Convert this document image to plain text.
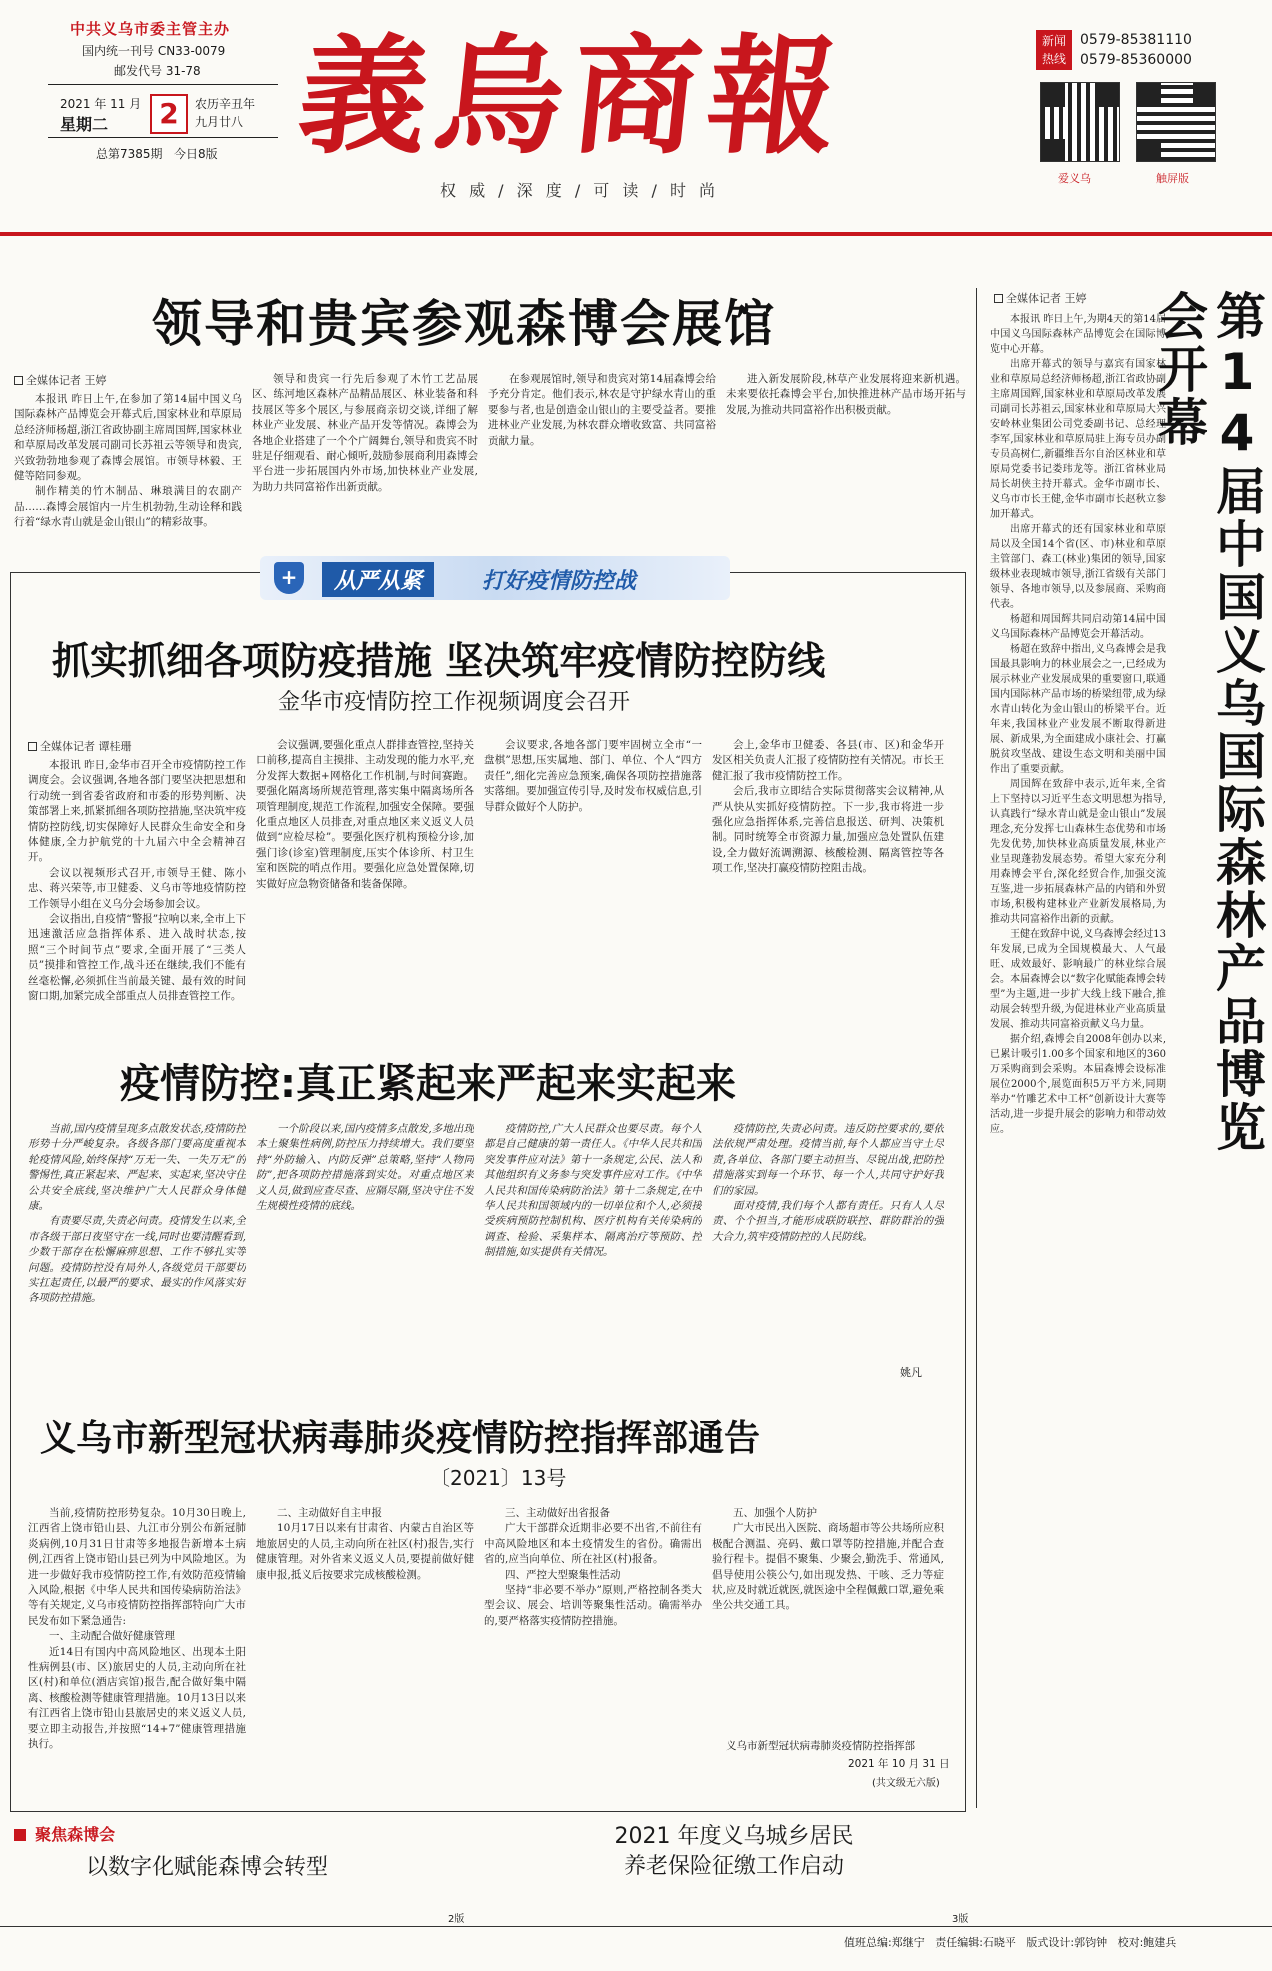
中共义乌市委主管主办
国内统一刊号 CN33-0079
邮发代号 31-78
2021 年 11 月
星期二	2	农历辛丑年
九月廿八
总第7385期   今日8版 義烏商報
权 威 / 深 度 / 可 读 / 时 尚
新闻
热线
0579-85381110
0579-85360000
爱义乌	触屏版
领导和贵宾参观森博会展馆
全媒体记者 王婷

本报讯 昨日上午,在参加了第14届中国义乌国际森林产品博览会开幕式后,国家林业和草原局总经济师杨超,浙江省政协副主席周国辉,国家林业和草原局改革发展司副司长苏祖云等领导和贵宾,兴致勃勃地参观了森博会展馆。市领导林毅、王健等陪同参观。

制作精美的竹木制品、琳琅满目的农副产品……森博会展馆内一片生机勃勃,生动诠释和践行着“绿水青山就是金山银山”的精彩故事。

领导和贵宾一行先后参观了木竹工艺品展区、练河地区森林产品精品展区、林业装备和科技展区等多个展区,与参展商亲切交谈,详细了解林业产业发展、林业产品开发等情况。森博会为各地企业搭建了一个个广阔舞台,领导和贵宾不时驻足仔细观看、耐心倾听,鼓励参展商利用森博会平台进一步拓展国内外市场,加快林业产业发展,为助力共同富裕作出新贡献。

在参观展馆时,领导和贵宾对第14届森博会给予充分肯定。他们表示,林农是守护绿水青山的重要参与者,也是创造金山银山的主要受益者。要推进林业产业发展,为林农群众增收致富、共同富裕贡献力量。

进入新发展阶段,林草产业发展将迎来新机遇。未来要依托森博会平台,加快推进林产品市场开拓与发展,为推动共同富裕作出积极贡献。

全媒体记者 王婷

本报讯 昨日上午,为期4天的第14届中国义乌国际森林产品博览会在国际博览中心开幕。

出席开幕式的领导与嘉宾有国家林业和草原局总经济师杨超,浙江省政协副主席周国辉,国家林业和草原局改革发展司副司长苏祖云,国家林业和草原局大兴安岭林业集团公司党委副书记、总经理李军,国家林业和草原局驻上海专员办副专员高树仁,新疆维吾尔自治区林业和草原局党委书记娄玮龙等。浙江省林业局局长胡侠主持开幕式。金华市副市长、义乌市市长王健,金华市副市长赵秋立参加开幕式。

出席开幕式的还有国家林业和草原局以及全国14个省(区、市)林业和草原主管部门、森工(林业)集团的领导,国家级林业表现城市领导,浙江省级有关部门领导、各地市领导,以及参展商、采购商代表。

杨超和周国辉共同启动第14届中国义乌国际森林产品博览会开幕活动。

杨超在致辞中指出,义乌森博会是我国最具影响力的林业展会之一,已经成为展示林业产业发展成果的重要窗口,联通国内国际林产品市场的桥梁纽带,成为绿水青山转化为金山银山的桥梁平台。近年来,我国林业产业发展不断取得新进展、新成果,为全面建成小康社会、打赢脱贫攻坚战、建设生态文明和美丽中国作出了重要贡献。

周国辉在致辞中表示,近年来,全省上下坚持以习近平生态文明思想为指导,认真践行“绿水青山就是金山银山”发展理念,充分发挥七山森林生态优势和市场先发优势,加快林业高质量发展,林业产业呈现蓬勃发展态势。希望大家充分利用森博会平台,深化经贸合作,加强交流互鉴,进一步拓展森林产品的内销和外贸市场,积极构建林业产业新发展格局,为推动共同富裕作出新的贡献。

王健在致辞中说,义乌森博会经过13年发展,已成为全国规模最大、人气最旺、成效最好、影响最广的林业综合展会。本届森博会以“数字化赋能森博会转型”为主题,进一步扩大线上线下融合,推动展会转型升级,为促进林业产业高质量发展、推动共同富裕贡献义乌力量。

据介绍,森博会自2008年创办以来,已累计吸引1.00多个国家和地区的360万采购商到会采购。本届森博会设标准展位2000个,展览面积5万平方米,同期举办“竹雕艺术中工杯”创新设计大赛等活动,进一步提升展会的影响力和带动效应。	第14届中国义乌国际森林产品博览会开幕
+	从严从紧	打好疫情防控战
抓实抓细各项防疫措施 坚决筑牢疫情防控防线
金华市疫情防控工作视频调度会召开
全媒体记者 谭桂珊

本报讯 昨日,金华市召开全市疫情防控工作调度会。会议强调,各地各部门要坚决把思想和行动统一到省委省政府和市委的形势判断、决策部署上来,抓紧抓细各项防控措施,坚决筑牢疫情防控防线,切实保障好人民群众生命安全和身体健康,全力护航党的十九届六中全会精神召开。

会议以视频形式召开,市领导王健、陈小忠、蒋兴荣等,市卫健委、义乌市等地疫情防控工作领导小组在义乌分会场参加会议。

会议指出,自疫情“警报”拉响以来,全市上下迅速激活应急指挥体系、进入战时状态,按照“三个时间节点”要求,全面开展了“三类人员”摸排和管控工作,战斗还在继续,我们不能有丝毫松懈,必须抓住当前最关键、最有效的时间窗口期,加紧完成全部重点人员排查管控工作。

会议强调,要强化重点人群排查管控,坚持关口前移,提高自主摸排、主动发现的能力水平,充分发挥大数据+网格化工作机制,与时间赛跑。要强化隔离场所规范管理,落实集中隔离场所各项管理制度,规范工作流程,加强安全保障。要强化重点地区人员排查,对重点地区来义返义人员做到“应检尽检”。要强化医疗机构预检分诊,加强门诊(诊室)管理制度,压实个体诊所、村卫生室和医院的哨点作用。要强化应急处置保障,切实做好应急物资储备和装备保障。

会议要求,各地各部门要牢固树立全市“一盘棋”思想,压实属地、部门、单位、个人“四方责任”,细化完善应急预案,确保各项防控措施落实落细。要加强宣传引导,及时发布权威信息,引导群众做好个人防护。

会上,金华市卫健委、各县(市、区)和金华开发区相关负责人汇报了疫情防控有关情况。市长王健汇报了我市疫情防控工作。

会后,我市立即结合实际贯彻落实会议精神,从严从快从实抓好疫情防控。下一步,我市将进一步强化应急指挥体系,完善信息报送、研判、决策机制。同时统筹全市资源力量,加强应急处置队伍建设,全力做好流调溯源、核酸检测、隔离管控等各项工作,坚决打赢疫情防控阻击战。

疫情防控:真正紧起来严起来实起来

当前,国内疫情呈现多点散发状态,疫情防控形势十分严峻复杂。各级各部门要高度重视本轮疫情风险,始终保持“万无一失、一失万无”的警惕性,真正紧起来、严起来、实起来,坚决守住公共安全底线,坚决维护广大人民群众身体健康。

有责要尽责,失责必问责。疫情发生以来,全市各级干部日夜坚守在一线,同时也要清醒看到,少数干部存在松懈麻痹思想、工作不够扎实等问题。疫情防控没有局外人,各级党员干部要切实扛起责任,以最严的要求、最实的作风落实好各项防控措施。

一个阶段以来,国内疫情多点散发,多地出现本土聚集性病例,防控压力持续增大。我们要坚持“外防输入、内防反弹”总策略,坚持“人物同防”,把各项防控措施落到实处。对重点地区来义人员,做到应查尽查、应隔尽隔,坚决守住不发生规模性疫情的底线。

疫情防控,广大人民群众也要尽责。每个人都是自己健康的第一责任人。《中华人民共和国突发事件应对法》第十一条规定,公民、法人和其他组织有义务参与突发事件应对工作。《中华人民共和国传染病防治法》第十二条规定,在中华人民共和国领域内的一切单位和个人,必须接受疾病预防控制机构、医疗机构有关传染病的调查、检验、采集样本、隔离治疗等预防、控制措施,如实提供有关情况。

疫情防控,失责必问责。违反防控要求的,要依法依规严肃处理。疫情当前,每个人都应当守土尽责,各单位、各部门要主动担当、尽锐出战,把防控措施落实到每一个环节、每一个人,共同守护好我们的家园。

面对疫情,我们每个人都有责任。只有人人尽责、个个担当,才能形成联防联控、群防群治的强大合力,筑牢疫情防控的人民防线。

姚凡
义乌市新型冠状病毒肺炎疫情防控指挥部通告
〔2021〕13号

当前,疫情防控形势复杂。10月30日晚上,江西省上饶市铅山县、九江市分别公布新冠肺炎病例,10月31日甘肃等多地报告新增本土病例,江西省上饶市铅山县已列为中风险地区。为进一步做好我市疫情防控工作,有效防范疫情输入风险,根据《中华人民共和国传染病防治法》等有关规定,义乌市疫情防控指挥部特向广大市民发布如下紧急通告:

一、主动配合做好健康管理

近14日有国内中高风险地区、出现本土阳性病例县(市、区)旅居史的人员,主动向所在社区(村)和单位(酒店宾馆)报告,配合做好集中隔离、核酸检测等健康管理措施。10月13日以来有江西省上饶市铅山县旅居史的来义返义人员,要立即主动报告,并按照“14+7”健康管理措施执行。

二、主动做好自主申报

10月17日以来有甘肃省、内蒙古自治区等地旅居史的人员,主动向所在社区(村)报告,实行健康管理。对外省来义返义人员,要提前做好健康申报,抵义后按要求完成核酸检测。

三、主动做好出省报备

广大干部群众近期非必要不出省,不前往有中高风险地区和本土疫情发生的省份。确需出省的,应当向单位、所在社区(村)报备。

四、严控大型聚集性活动

坚持“非必要不举办”原则,严格控制各类大型会议、展会、培训等聚集性活动。确需举办的,要严格落实疫情防控措施。

五、加强个人防护

广大市民出入医院、商场超市等公共场所应积极配合测温、亮码、戴口罩等防控措施,并配合查验行程卡。提倡不聚集、少聚会,勤洗手、常通风,倡导使用公筷公勺,如出现发热、干咳、乏力等症状,应及时就近就医,就医途中全程佩戴口罩,避免乘坐公共交通工具。

义乌市新型冠状病毒肺炎疫情防控指挥部
2021 年 10 月 31 日
(共文级无六版)
聚焦森博会
以数字化赋能森博会转型
2版
2021 年度义乌城乡居民
养老保险征缴工作启动
3版
值班总编:郑继宁   责任编辑:石晓平   版式设计:郭钧钟   校对:鲍建兵
